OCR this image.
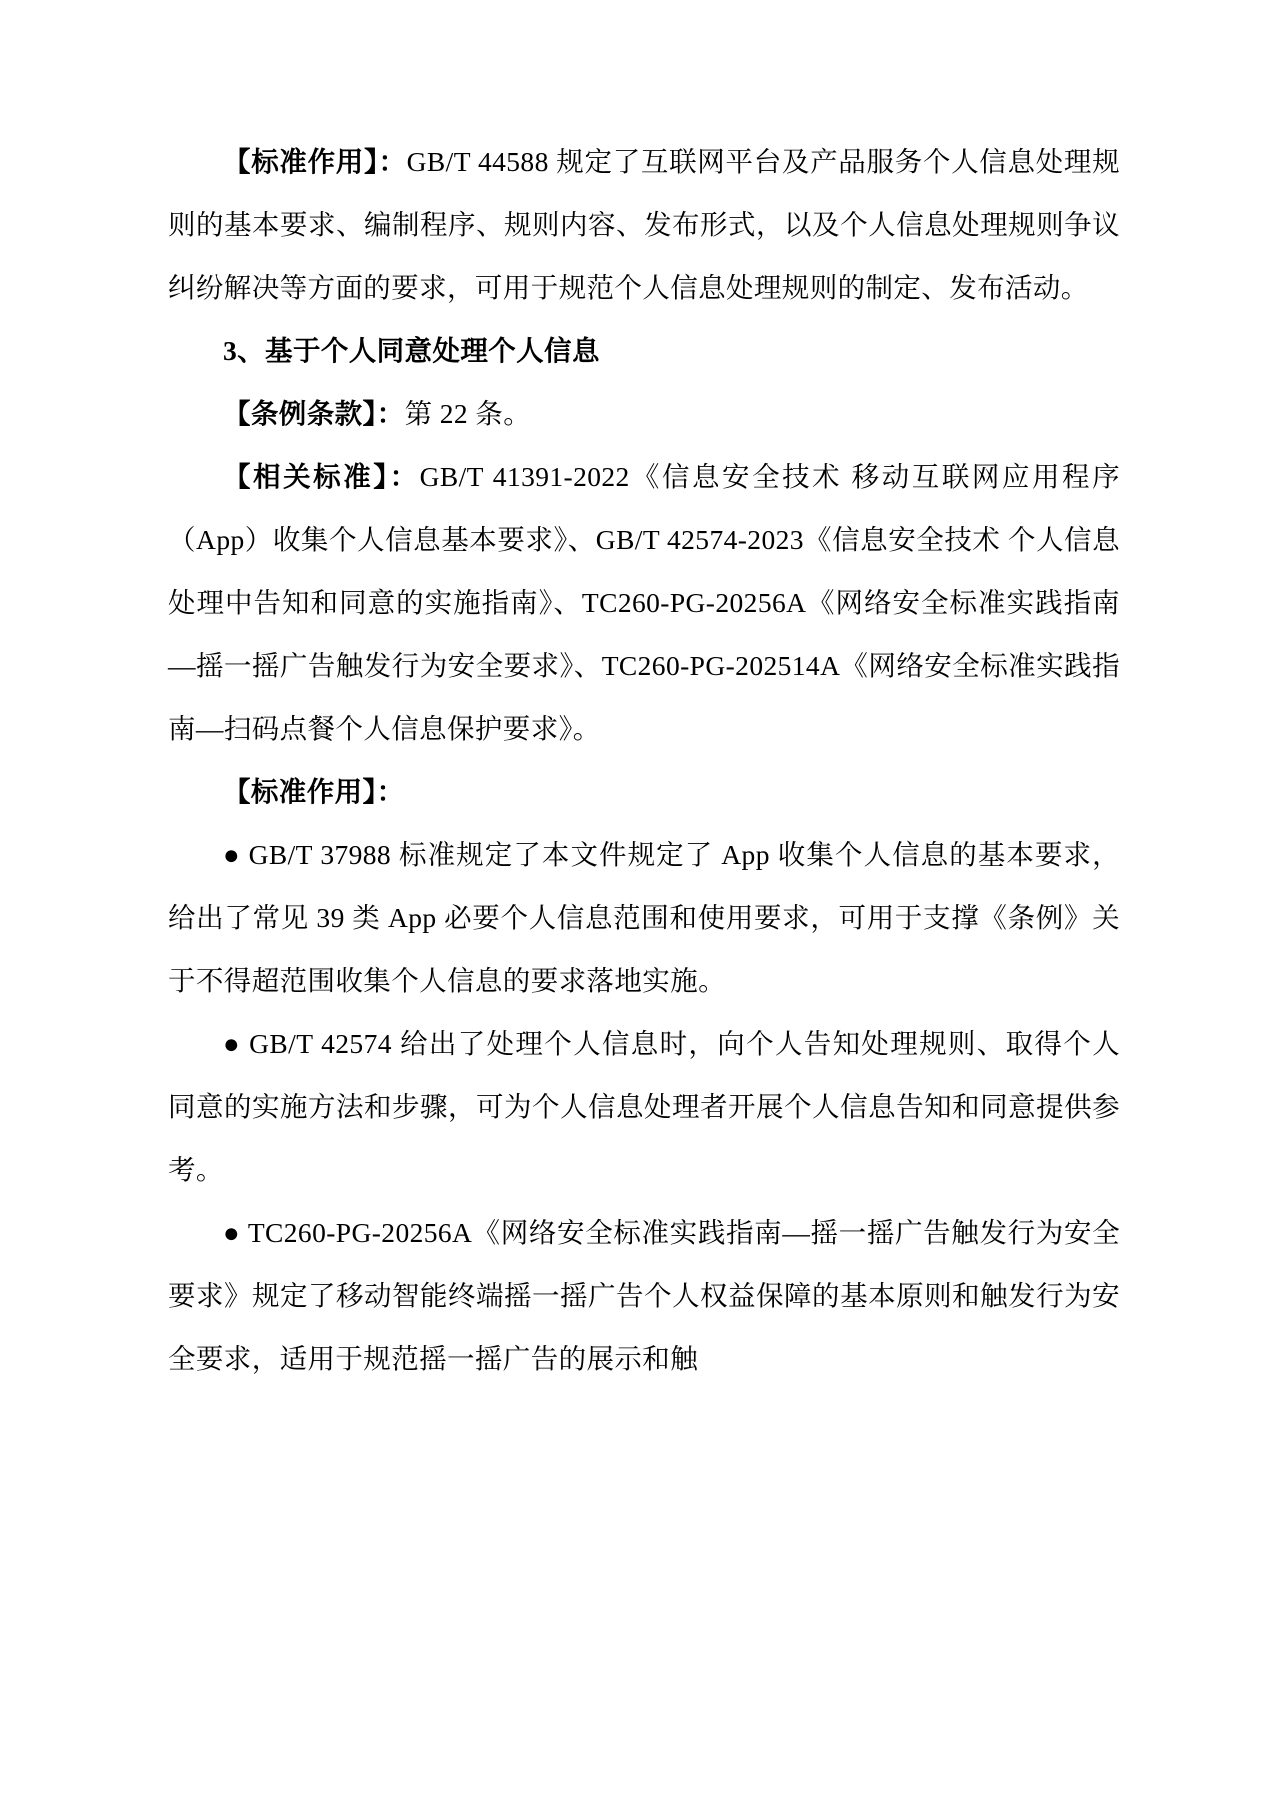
【标准作用】：GB/T 44588 规定了互联网平台及产品服务个人信息处理规则的基本要求、编制程序、规则内容、发布形式，以及个人信息处理规则争议纠纷解决等方面的要求，可用于规范个人信息处理规则的制定、发布活动。

3、基于个人同意处理个人信息

【条例条款】：第 22 条。

【相关标准】：GB/T 41391-2022《信息安全技术 移动互联网应用程序（App）收集个人信息基本要求》、GB/T 42574-2023《信息安全技术 个人信息处理中告知和同意的实施指南》、TC260-PG-20256A《网络安全标准实践指南—摇一摇广告触发行为安全要求》、TC260-PG-202514A《网络安全标准实践指南—扫码点餐个人信息保护要求》。

【标准作用】：

● GB/T 37988 标准规定了本文件规定了 App 收集个人信息的基本要求，给出了常见 39 类 App 必要个人信息范围和使用要求，可用于支撑《条例》关于不得超范围收集个人信息的要求落地实施。

● GB/T 42574 给出了处理个人信息时，向个人告知处理规则、取得个人同意的实施方法和步骤，可为个人信息处理者开展个人信息告知和同意提供参考。

● TC260-PG-20256A《网络安全标准实践指南—摇一摇广告触发行为安全要求》规定了移动智能终端摇一摇广告个人权益保障的基本原则和触发行为安全要求，适用于规范摇一摇广告的展示和触
